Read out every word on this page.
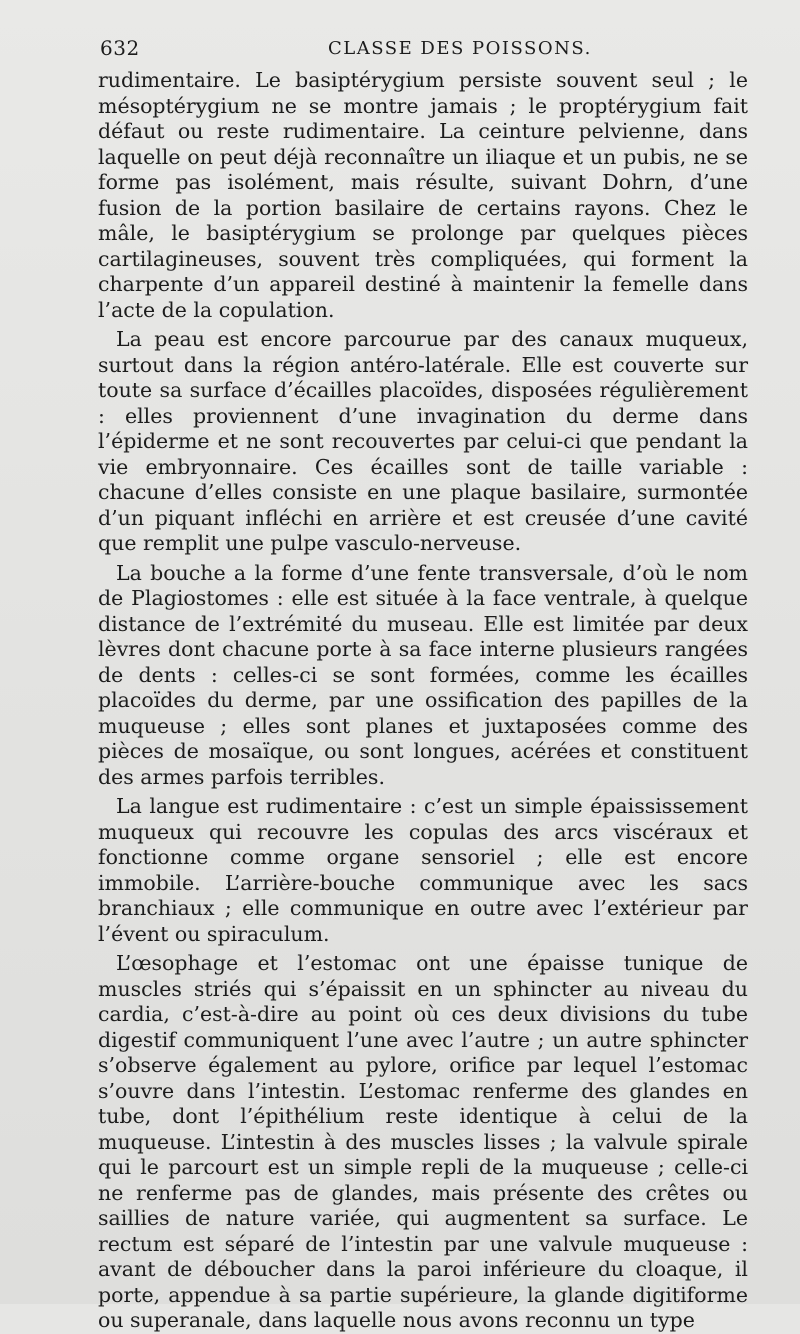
632	CLASSE DES POISSONS.

rudimentaire. Le basiptérygium persiste souvent seul ; le mésoptérygium ne se montre jamais ; le proptérygium fait défaut ou reste rudimentaire. La ceinture pelvienne, dans laquelle on peut déjà reconnaître un iliaque et un pubis, ne se forme pas isolément, mais résulte, suivant Dohrn, d’une fusion de la portion basilaire de certains rayons. Chez le mâle, le basiptérygium se prolonge par quelques pièces cartilagineuses, souvent très compliquées, qui forment la charpente d’un appareil destiné à maintenir la femelle dans l’acte de la copulation.

La peau est encore parcourue par des canaux muqueux, surtout dans la région antéro-latérale. Elle est couverte sur toute sa surface d’écailles placoïdes, disposées régulièrement : elles proviennent d’une invagination du derme dans l’épiderme et ne sont recouvertes par celui-ci que pendant la vie embryonnaire. Ces écailles sont de taille variable : chacune d’elles consiste en une plaque basilaire, surmontée d’un piquant infléchi en arrière et est creusée d’une cavité que remplit une pulpe vasculo-nerveuse.

La bouche a la forme d’une fente transversale, d’où le nom de Plagiostomes : elle est située à la face ventrale, à quelque distance de l’extrémité du museau. Elle est limitée par deux lèvres dont chacune porte à sa face interne plusieurs rangées de dents : celles-ci se sont formées, comme les écailles placoïdes du derme, par une ossification des papilles de la muqueuse ; elles sont planes et juxtaposées comme des pièces de mosaïque, ou sont longues, acérées et constituent des armes parfois terribles.

La langue est rudimentaire : c’est un simple épaississement muqueux qui recouvre les copulas des arcs viscéraux et fonctionne comme organe sensoriel ; elle est encore immobile. L’arrière-bouche communique avec les sacs branchiaux ; elle communique en outre avec l’extérieur par l’évent ou spiraculum.

L’œsophage et l’estomac ont une épaisse tunique de muscles striés qui s’épaissit en un sphincter au niveau du cardia, c’est-à-dire au point où ces deux divisions du tube digestif communiquent l’une avec l’autre ; un autre sphincter s’observe également au pylore, orifice par lequel l’estomac s’ouvre dans l’intestin. L’estomac renferme des glandes en tube, dont l’épithélium reste identique à celui de la muqueuse. L’intestin à des muscles lisses ; la valvule spirale qui le parcourt est un simple repli de la muqueuse ; celle-ci ne renferme pas de glandes, mais présente des crêtes ou saillies de nature variée, qui augmentent sa surface. Le rectum est séparé de l’intestin par une valvule muqueuse : avant de déboucher dans la paroi inférieure du cloaque, il porte, appendue à sa partie supérieure, la glande digitiforme ou superanale, dans laquelle nous avons reconnu un type
